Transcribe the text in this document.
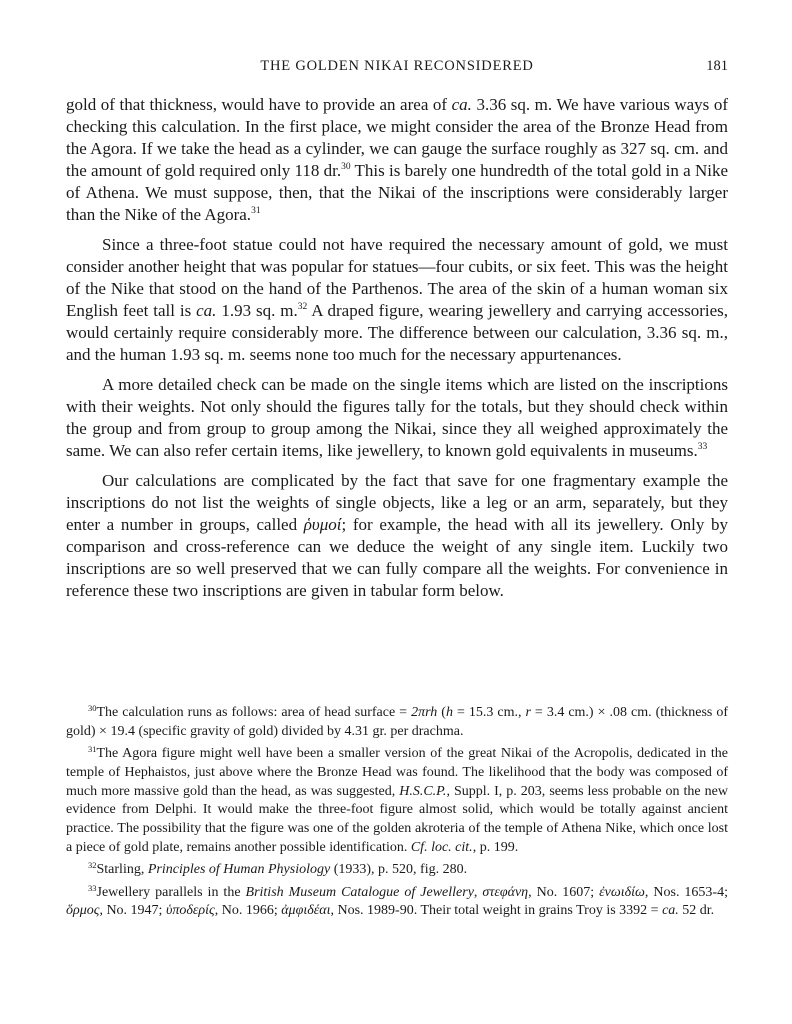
THE GOLDEN NIKAI RECONSIDERED	181

gold of that thickness, would have to provide an area of ca. 3.36 sq. m. We have various ways of checking this calculation. In the first place, we might consider the area of the Bronze Head from the Agora. If we take the head as a cylinder, we can gauge the surface roughly as 327 sq. cm. and the amount of gold required only 118 dr.$^{30}$ This is barely one hundredth of the total gold in a Nike of Athena. We must suppose, then, that the Nikai of the inscriptions were considerably larger than the Nike of the Agora.$^{31}$

Since a three-foot statue could not have required the necessary amount of gold, we must consider another height that was popular for statues—four cubits, or six feet. This was the height of the Nike that stood on the hand of the Parthenos. The area of the skin of a human woman six English feet tall is ca. 1.93 sq. m.$^{32}$ A draped figure, wearing jewellery and carrying accessories, would certainly require considerably more. The difference between our calculation, 3.36 sq. m., and the human 1.93 sq. m. seems none too much for the necessary appurtenances.

A more detailed check can be made on the single items which are listed on the inscriptions with their weights. Not only should the figures tally for the totals, but they should check within the group and from group to group among the Nikai, since they all weighed approximately the same. We can also refer certain items, like jewellery, to known gold equivalents in museums.$^{33}$

Our calculations are complicated by the fact that save for one fragmentary example the inscriptions do not list the weights of single objects, like a leg or an arm, separately, but they enter a number in groups, called ῥυμοί; for example, the head with all its jewellery. Only by comparison and cross-reference can we deduce the weight of any single item. Luckily two inscriptions are so well preserved that we can fully compare all the weights. For convenience in reference these two inscriptions are given in tabular form below.

$^{30}$The calculation runs as follows: area of head surface = 2πrh (h = 15.3 cm., r = 3.4 cm.) × .08 cm. (thickness of gold) × 19.4 (specific gravity of gold) divided by 4.31 gr. per drachma.

$^{31}$The Agora figure might well have been a smaller version of the great Nikai of the Acropolis, dedicated in the temple of Hephaistos, just above where the Bronze Head was found. The likelihood that the body was composed of much more massive gold than the head, as was suggested, H.S.C.P., Suppl. I, p. 203, seems less probable on the new evidence from Delphi. It would make the three-foot figure almost solid, which would be totally against ancient practice. The possibility that the figure was one of the golden akroteria of the temple of Athena Nike, which once lost a piece of gold plate, remains another possible identification. Cf. loc. cit., p. 199.

$^{32}$Starling, Principles of Human Physiology (1933), p. 520, fig. 280.

$^{33}$Jewellery parallels in the British Museum Catalogue of Jewellery, στεφάνη, No. 1607; ἐνωιδίω, Nos. 1653-4; ὅρμος, No. 1947; ὑποδερίς, No. 1966; ἀμφιδέαι, Nos. 1989-90. Their total weight in grains Troy is 3392 = ca. 52 dr.
